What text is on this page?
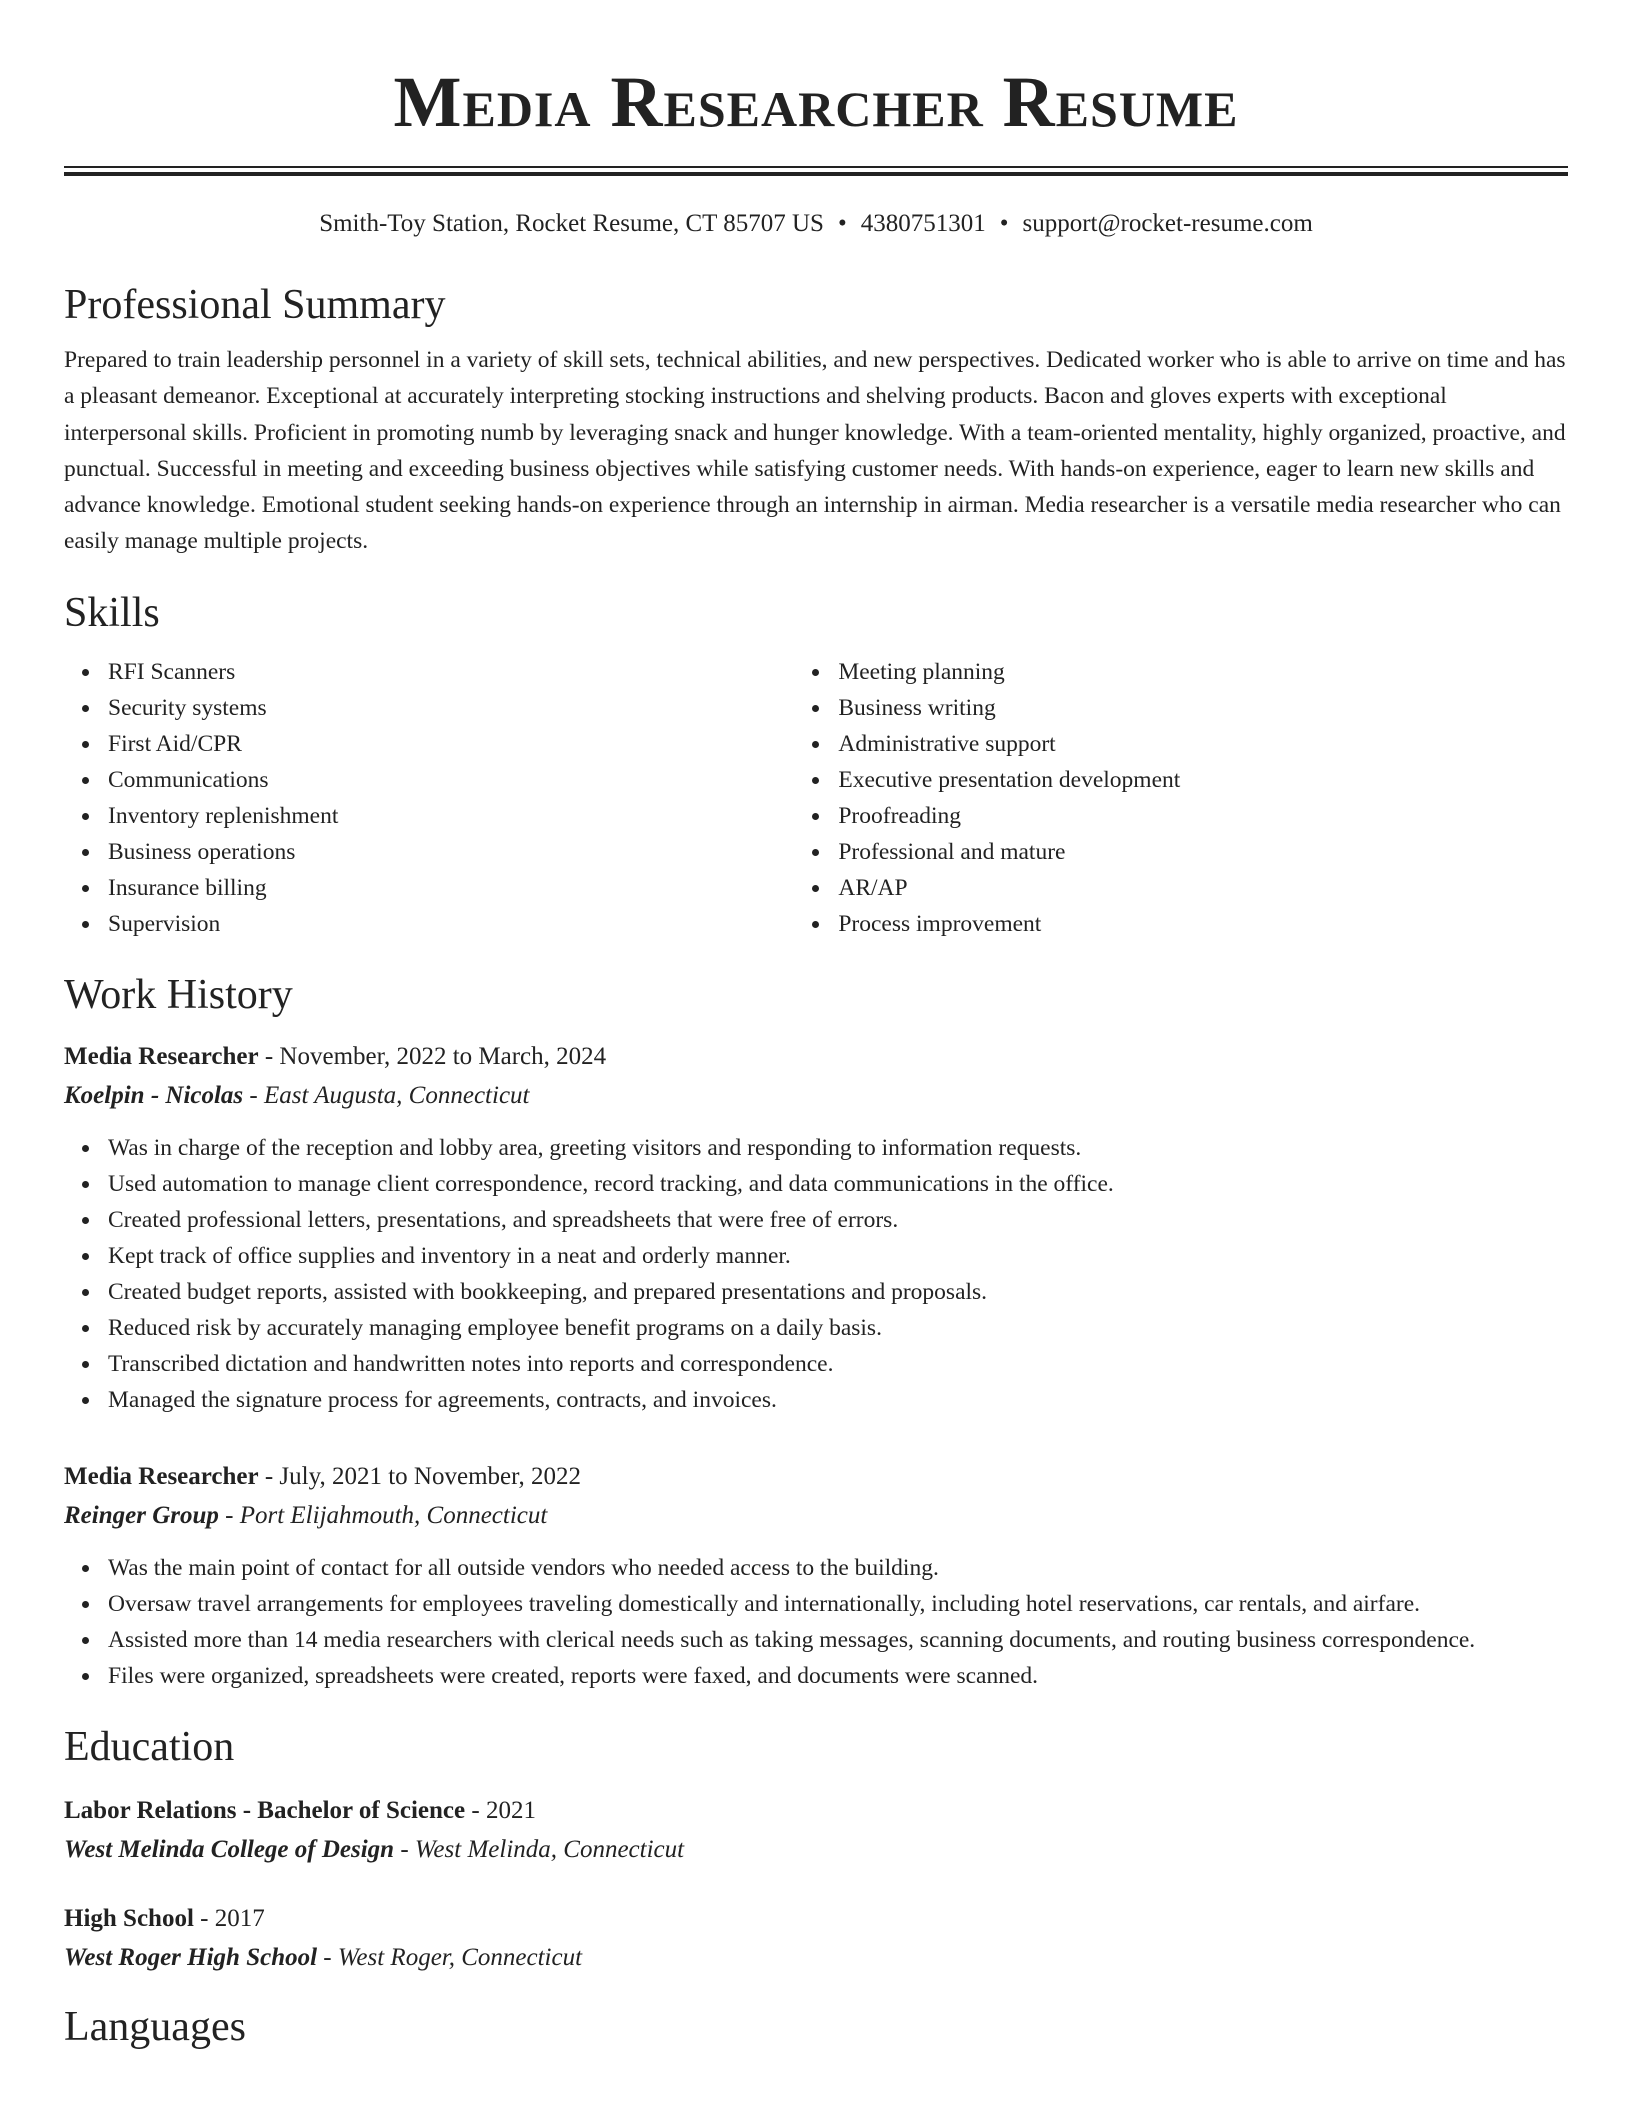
Media Researcher Resume
Smith-Toy Station, Rocket Resume, CT 85707 US • 4380751301 • support@rocket-resume.com
Professional Summary

Prepared to train leadership personnel in a variety of skill sets, technical abilities, and new perspectives. Dedicated worker who is able to arrive on time and has a pleasant demeanor. Exceptional at accurately interpreting stocking instructions and shelving products. Bacon and gloves experts with exceptional interpersonal skills. Proficient in promoting numb by leveraging snack and hunger knowledge. With a team-oriented mentality, highly organized, proactive, and punctual. Successful in meeting and exceeding business objectives while satisfying customer needs. With hands-on experience, eager to learn new skills and advance knowledge. Emotional student seeking hands-on experience through an internship in airman. Media researcher is a versatile media researcher who can easily manage multiple projects.

Skills
RFI Scanners
Security systems
First Aid/CPR
Communications
Inventory replenishment
Business operations
Insurance billing
Supervision
Meeting planning
Business writing
Administrative support
Executive presentation development
Proofreading
Professional and mature
AR/AP
Process improvement
Work History
Media Researcher - November, 2022 to March, 2024
Koelpin - Nicolas - East Augusta, Connecticut
Was in charge of the reception and lobby area, greeting visitors and responding to information requests.
Used automation to manage client correspondence, record tracking, and data communications in the office.
Created professional letters, presentations, and spreadsheets that were free of errors.
Kept track of office supplies and inventory in a neat and orderly manner.
Created budget reports, assisted with bookkeeping, and prepared presentations and proposals.
Reduced risk by accurately managing employee benefit programs on a daily basis.
Transcribed dictation and handwritten notes into reports and correspondence.
Managed the signature process for agreements, contracts, and invoices.
Media Researcher - July, 2021 to November, 2022
Reinger Group - Port Elijahmouth, Connecticut
Was the main point of contact for all outside vendors who needed access to the building.
Oversaw travel arrangements for employees traveling domestically and internationally, including hotel reservations, car rentals, and airfare.
Assisted more than 14 media researchers with clerical needs such as taking messages, scanning documents, and routing business correspondence.
Files were organized, spreadsheets were created, reports were faxed, and documents were scanned.
Education
Labor Relations - Bachelor of Science - 2021
West Melinda College of Design - West Melinda, Connecticut
High School - 2017
West Roger High School - West Roger, Connecticut
Languages
